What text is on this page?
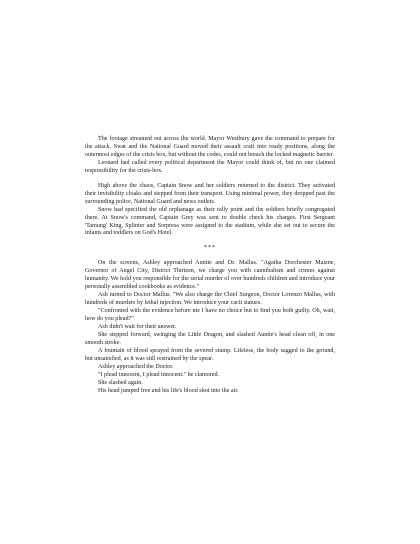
The footage streamed out across the world. Mayor Westbury gave the command to prepare for the attack. Swat and the National Guard moved their assault craft into ready positions, along the outermost edges of the crisis box, but without the codes, could not breach the locked magnetic barrier.

Leonard had called every political department the Mayor could think of, but no one claimed responsibility for the crisis-box.

High above the chaos, Captain Snow and her soldiers returned to the district. They activated their invisibility cloaks and stepped from their transport. Using minimal power, they dropped past the surrounding police, National Guard and news outlets.

Snow had specified the old orphanage as their rally point and the soldiers briefly congregated there. At Snow's command, Captain Grey was sent to double check his charges. First Sergeant 'Tamung' King, Splinter and Sorpresa were assigned to the stadium, while she set out to secure the infants and toddlers on God's Hotel.

***

On the screens, Ashley approached Auntie and Dr. Mallus. "Agatha Dorchester Maizne, Governor of Angel City, District Thirteen, we charge you with cannibalism and crimes against humanity. We hold you responsible for the serial murder of over hundreds children and introduce your personally assembled cookbooks as evidence."

Ash turned to Doctor Mallus. "We also charge the Chief Surgeon, Doctor Lorenzo Mallus, with hundreds of murders by lethal injection. We introduce your cacti statues.

"Confronted with the evidence before me I have no choice but to find you both guilty. Oh, wait, how do you plead?"

Ash didn't wait for their answer.

She stepped forward, swinging the Little Dragon, and slashed Auntie's head clean off, in one smooth stroke.

A fountain of blood sprayed from the severed stump. Lifeless, the body sagged to the ground, but unsatisfied, as it was still restrained by the spear.

Ashley approached the Doctor.

"I plead innocent, I plead innocent." he clamored.

She slashed again.

His head jumped free and his life's blood shot into the air.
